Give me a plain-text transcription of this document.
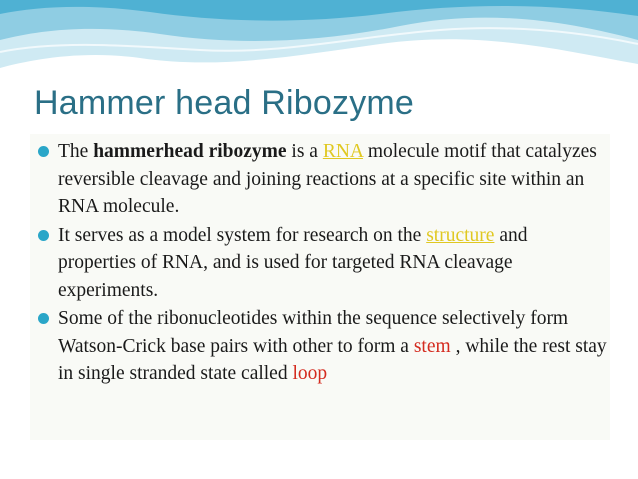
Hammer head Ribozyme
The hammerhead ribozyme is a RNA molecule motif that catalyzes reversible cleavage and joining reactions at a specific site within an RNA molecule.
It serves as a model system for research on the structure and properties of RNA, and is used for targeted RNA cleavage experiments.
Some of the ribonucleotides within the sequence selectively form Watson-Crick base pairs with other to form a stem , while the rest stay in single stranded state called loop
